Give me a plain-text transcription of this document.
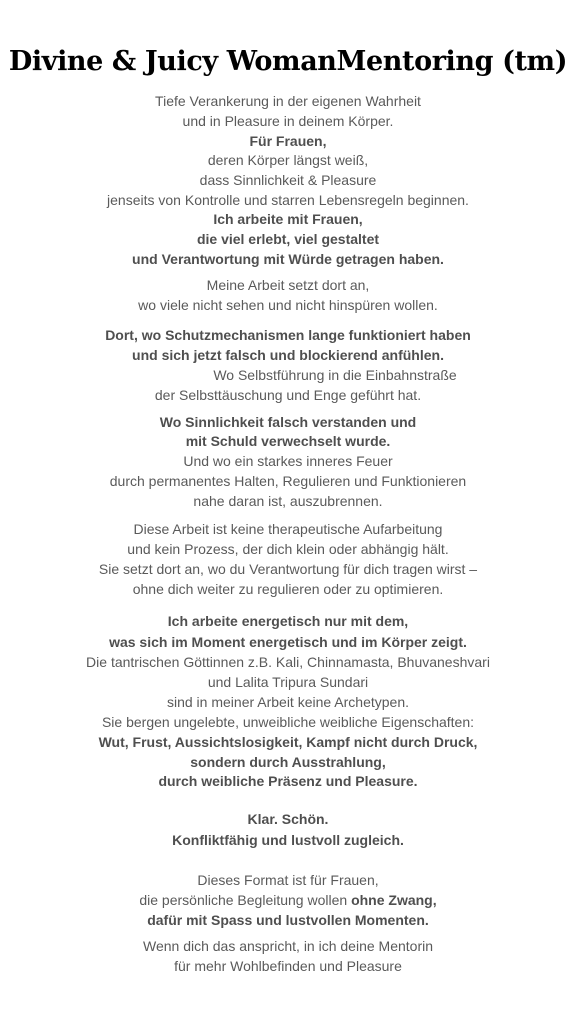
Divine & Juicy WomanMentoring (tm)
Tiefe Verankerung in der eigenen Wahrheit
und in Pleasure in deinem Körper.
Für Frauen,
deren Körper längst weiß,
dass Sinnlichkeit & Pleasure
jenseits von Kontrolle und starren Lebensregeln beginnen.
Ich arbeite mit Frauen,
die viel erlebt, viel gestaltet
und Verantwortung mit Würde getragen haben.
Meine Arbeit setzt dort an,
wo viele nicht sehen und nicht hinspüren wollen.
Dort, wo Schutzmechanismen lange funktioniert haben
und sich jetzt falsch und blockierend anfühlen.
Wo Selbstführung in die Einbahnstraße
der Selbsttäuschung und Enge geführt hat.
Wo Sinnlichkeit falsch verstanden und
mit Schuld verwechselt wurde.
Und wo ein starkes inneres Feuer
durch permanentes Halten, Regulieren und Funktionieren
nahe daran ist, auszubrennen.
Diese Arbeit ist keine therapeutische Aufarbeitung
und kein Prozess, der dich klein oder abhängig hält.
Sie setzt dort an, wo du Verantwortung für dich tragen wirst –
ohne dich weiter zu regulieren oder zu optimieren.
Ich arbeite energetisch nur mit dem,
was sich im Moment energetisch und im Körper zeigt.
Die tantrischen Göttinnen z.B. Kali, Chinnamasta, Bhuvaneshvari
und Lalita Tripura Sundari
sind in meiner Arbeit keine Archetypen.
Sie bergen ungelebte, unweibliche weibliche Eigenschaften:
Wut, Frust, Aussichtslosigkeit, Kampf nicht durch Druck,
sondern durch Ausstrahlung,
durch weibliche Präsenz und Pleasure.
Klar. Schön.
Konfliktfähig und lustvoll zugleich.
Dieses Format ist für Frauen,
die persönliche Begleitung wollen ohne Zwang,
dafür mit Spass und lustvollen Momenten.
Wenn dich das anspricht, in ich deine Mentorin
für mehr Wohlbefinden und Pleasure
